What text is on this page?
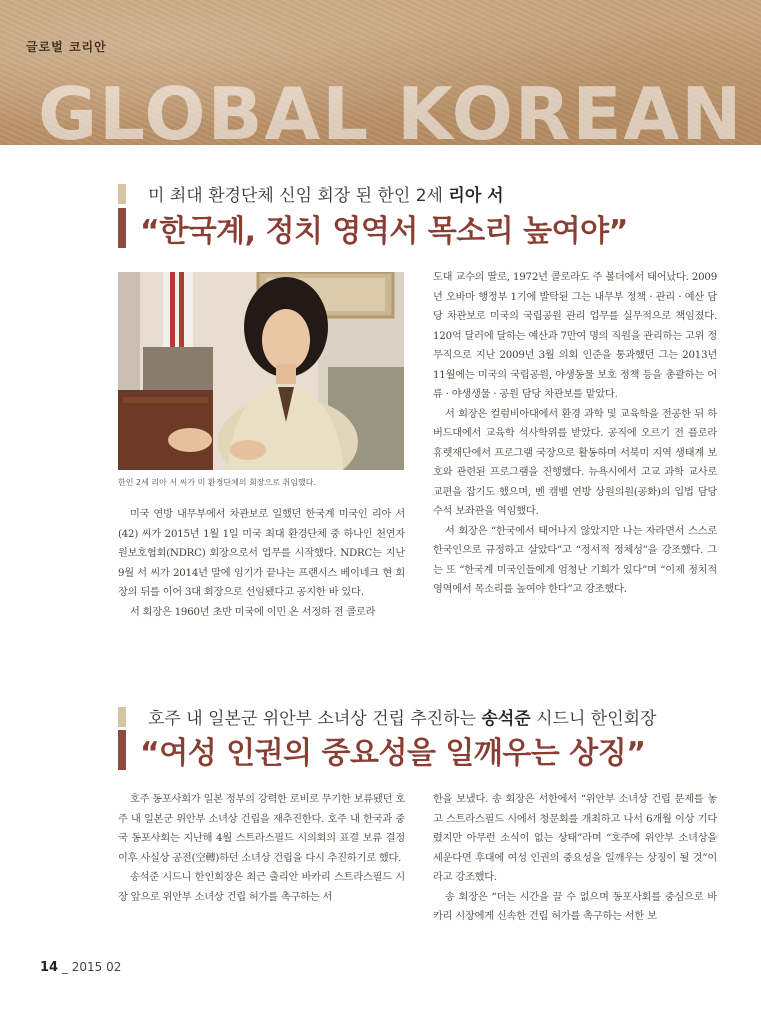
글로벌 코리안
GLOBAL KOREAN
미 최대 환경단체 신임 회장 된 한인 2세 리아 서
“한국계, 정치 영역서 목소리 높여야”
한인 2세 리아 서 씨가 미 환경단체의 회장으로 취임했다.

미국 연방 내무부에서 차관보로 일했던 한국계 미국인 리아 서(42) 씨가 2015년 1월 1일 미국 최대 환경단체 중 하나인 천연자원보호협회(NDRC) 회장으로서 업무를 시작했다. NDRC는 지난 9월 서 씨가 2014년 말에 임기가 끝나는 프랜시스 베이네크 현 회장의 뒤를 이어 3대 회장으로 선임됐다고 공지한 바 있다.

서 회장은 1960년 초반 미국에 이민 온 서정하 전 콜로라

도대 교수의 딸로, 1972년 콜로라도 주 볼더에서 태어났다. 2009년 오바마 행정부 1기에 발탁된 그는 내무부 정책 · 관리 · 예산 담당 차관보로 미국의 국립공원 관리 업무를 실무적으로 책임졌다. 120억 달러에 달하는 예산과 7만여 명의 직원을 관리하는 고위 정무직으로 지난 2009년 3월 의회 인준을 통과했던 그는 2013년 11월에는 미국의 국립공원, 야생동물 보호 정책 등을 총괄하는 어류 · 야생생물 · 공원 담당 차관보를 맡았다.

서 회장은 컬럼비아대에서 환경 과학 및 교육학을 전공한 뒤 하버드대에서 교육학 석사학위를 받았다. 공직에 오르기 전 플로라 휴렛재단에서 프로그램 국장으로 활동하며 서북미 지역 생태계 보호와 관련된 프로그램을 진행했다. 뉴욕시에서 고교 과학 교사로 교편을 잡기도 했으며, 벤 캠벨 연방 상원의원(공화)의 입법 담당 수석 보좌관을 역임했다.

서 회장은 “한국에서 태어나지 않았지만 나는 자라면서 스스로 한국인으로 규정하고 살았다”고 “정서적 정체성”을 강조했다. 그는 또 “한국계 미국인들에게 엄청난 기회가 있다”며 “이제 정치적 영역에서 목소리를 높여야 한다”고 강조했다.

호주 내 일본군 위안부 소녀상 건립 추진하는 송석준 시드니 한인회장
“여성 인권의 중요성을 일깨우는 상징”

호주 동포사회가 일본 정부의 강력한 로비로 무기한 보류됐던 호주 내 일본군 위안부 소녀상 건립을 재추진한다. 호주 내 한국과 중국 동포사회는 지난해 4월 스트라스필드 시의회의 표결 보류 결정 이후 사실상 공전(空轉)하던 소녀상 건립을 다시 추진하기로 했다.

송석준 시드니 한인회장은 최근 출리안 바카리 스트라스필드 시장 앞으로 위안부 소녀상 건립 허가를 촉구하는 서

한을 보냈다. 송 회장은 서한에서 “위안부 소녀상 건립 문제를 놓고 스트라스필드 시에서 청문회를 개최하고 나서 6개월 이상 기다렸지만 아무런 소식이 없는 상태”라며 “호주에 위안부 소녀상을 세운다면 후대에 여성 인권의 중요성을 일깨우는 상징이 될 것”이라고 강조했다.

송 회장은 “더는 시간을 끌 수 없으며 동포사회를 중심으로 바카리 시장에게 신속한 건립 허가를 촉구하는 서한 보

14 _ 2015 02
